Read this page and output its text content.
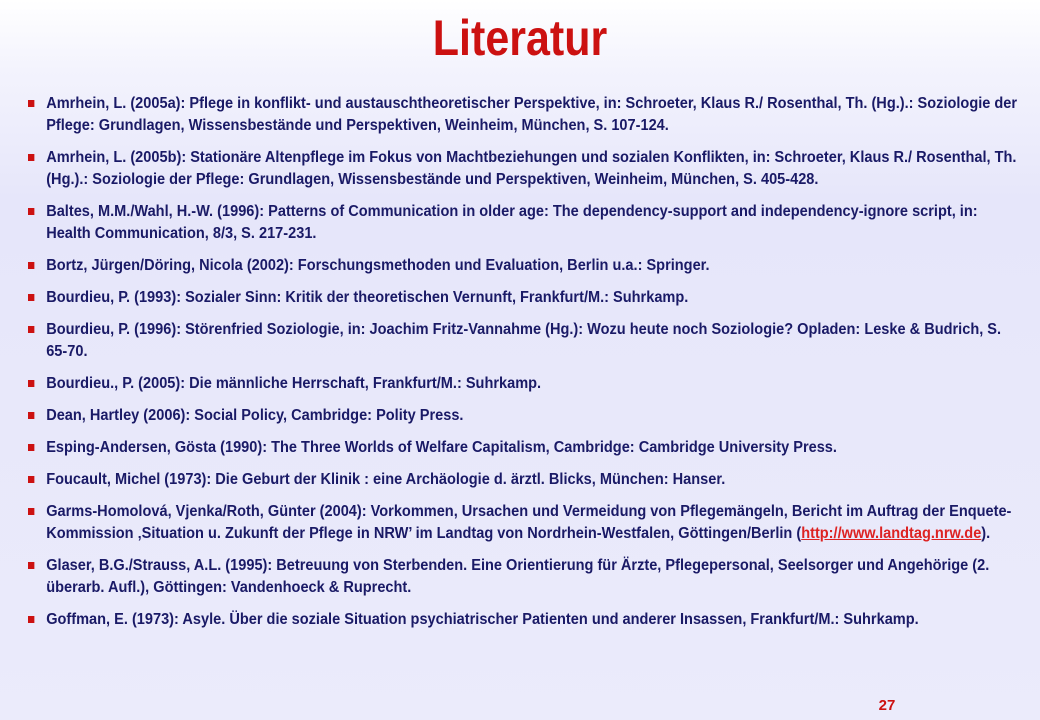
Literatur
Amrhein, L. (2005a): Pflege in konflikt- und austauschtheoretischer Perspektive, in: Schroeter, Klaus R./ Rosenthal, Th. (Hg.).: Soziologie der Pflege: Grundlagen, Wissensbestände und Perspektiven, Weinheim, München, S. 107-124.
Amrhein, L. (2005b): Stationäre Altenpflege im Fokus von Machtbeziehungen und sozialen Konflikten, in: Schroeter, Klaus R./ Rosenthal, Th. (Hg.).: Soziologie der Pflege: Grundlagen, Wissensbestände und Perspektiven, Weinheim, München, S. 405-428.
Baltes, M.M./Wahl, H.-W. (1996): Patterns of Communication in older age: The dependency-support and independency-ignore script, in: Health Communication, 8/3, S. 217-231.
Bortz, Jürgen/Döring, Nicola (2002): Forschungsmethoden und Evaluation, Berlin u.a.: Springer.
Bourdieu, P. (1993): Sozialer Sinn: Kritik der theoretischen Vernunft, Frankfurt/M.: Suhrkamp.
Bourdieu, P. (1996): Störenfried Soziologie, in: Joachim Fritz-Vannahme (Hg.): Wozu heute noch Soziologie? Opladen: Leske & Budrich, S. 65-70.
Bourdieu., P. (2005): Die männliche Herrschaft, Frankfurt/M.: Suhrkamp.
Dean, Hartley (2006): Social Policy, Cambridge: Polity Press.
Esping-Andersen, Gösta (1990): The Three Worlds of Welfare Capitalism, Cambridge: Cambridge University Press.
Foucault, Michel (1973): Die Geburt der Klinik : eine Archäologie d. ärztl. Blicks, München: Hanser.
Garms-Homolová, Vjenka/Roth, Günter (2004): Vorkommen, Ursachen und Vermeidung von Pflegemängeln, Bericht im Auftrag der Enquete-Kommission ‚Situation u. Zukunft der Pflege in NRW’ im Landtag von Nordrhein-Westfalen, Göttingen/Berlin (http://www.landtag.nrw.de).
Glaser, B.G./Strauss, A.L. (1995): Betreuung von Sterbenden. Eine Orientierung für Ärzte, Pflegepersonal, Seelsorger und Angehörige (2. überarb. Aufl.), Göttingen: Vandenhoeck & Ruprecht.
Goffman, E. (1973): Asyle. Über die soziale Situation psychiatrischer Patienten und anderer Insassen, Frankfurt/M.: Suhrkamp.
27
